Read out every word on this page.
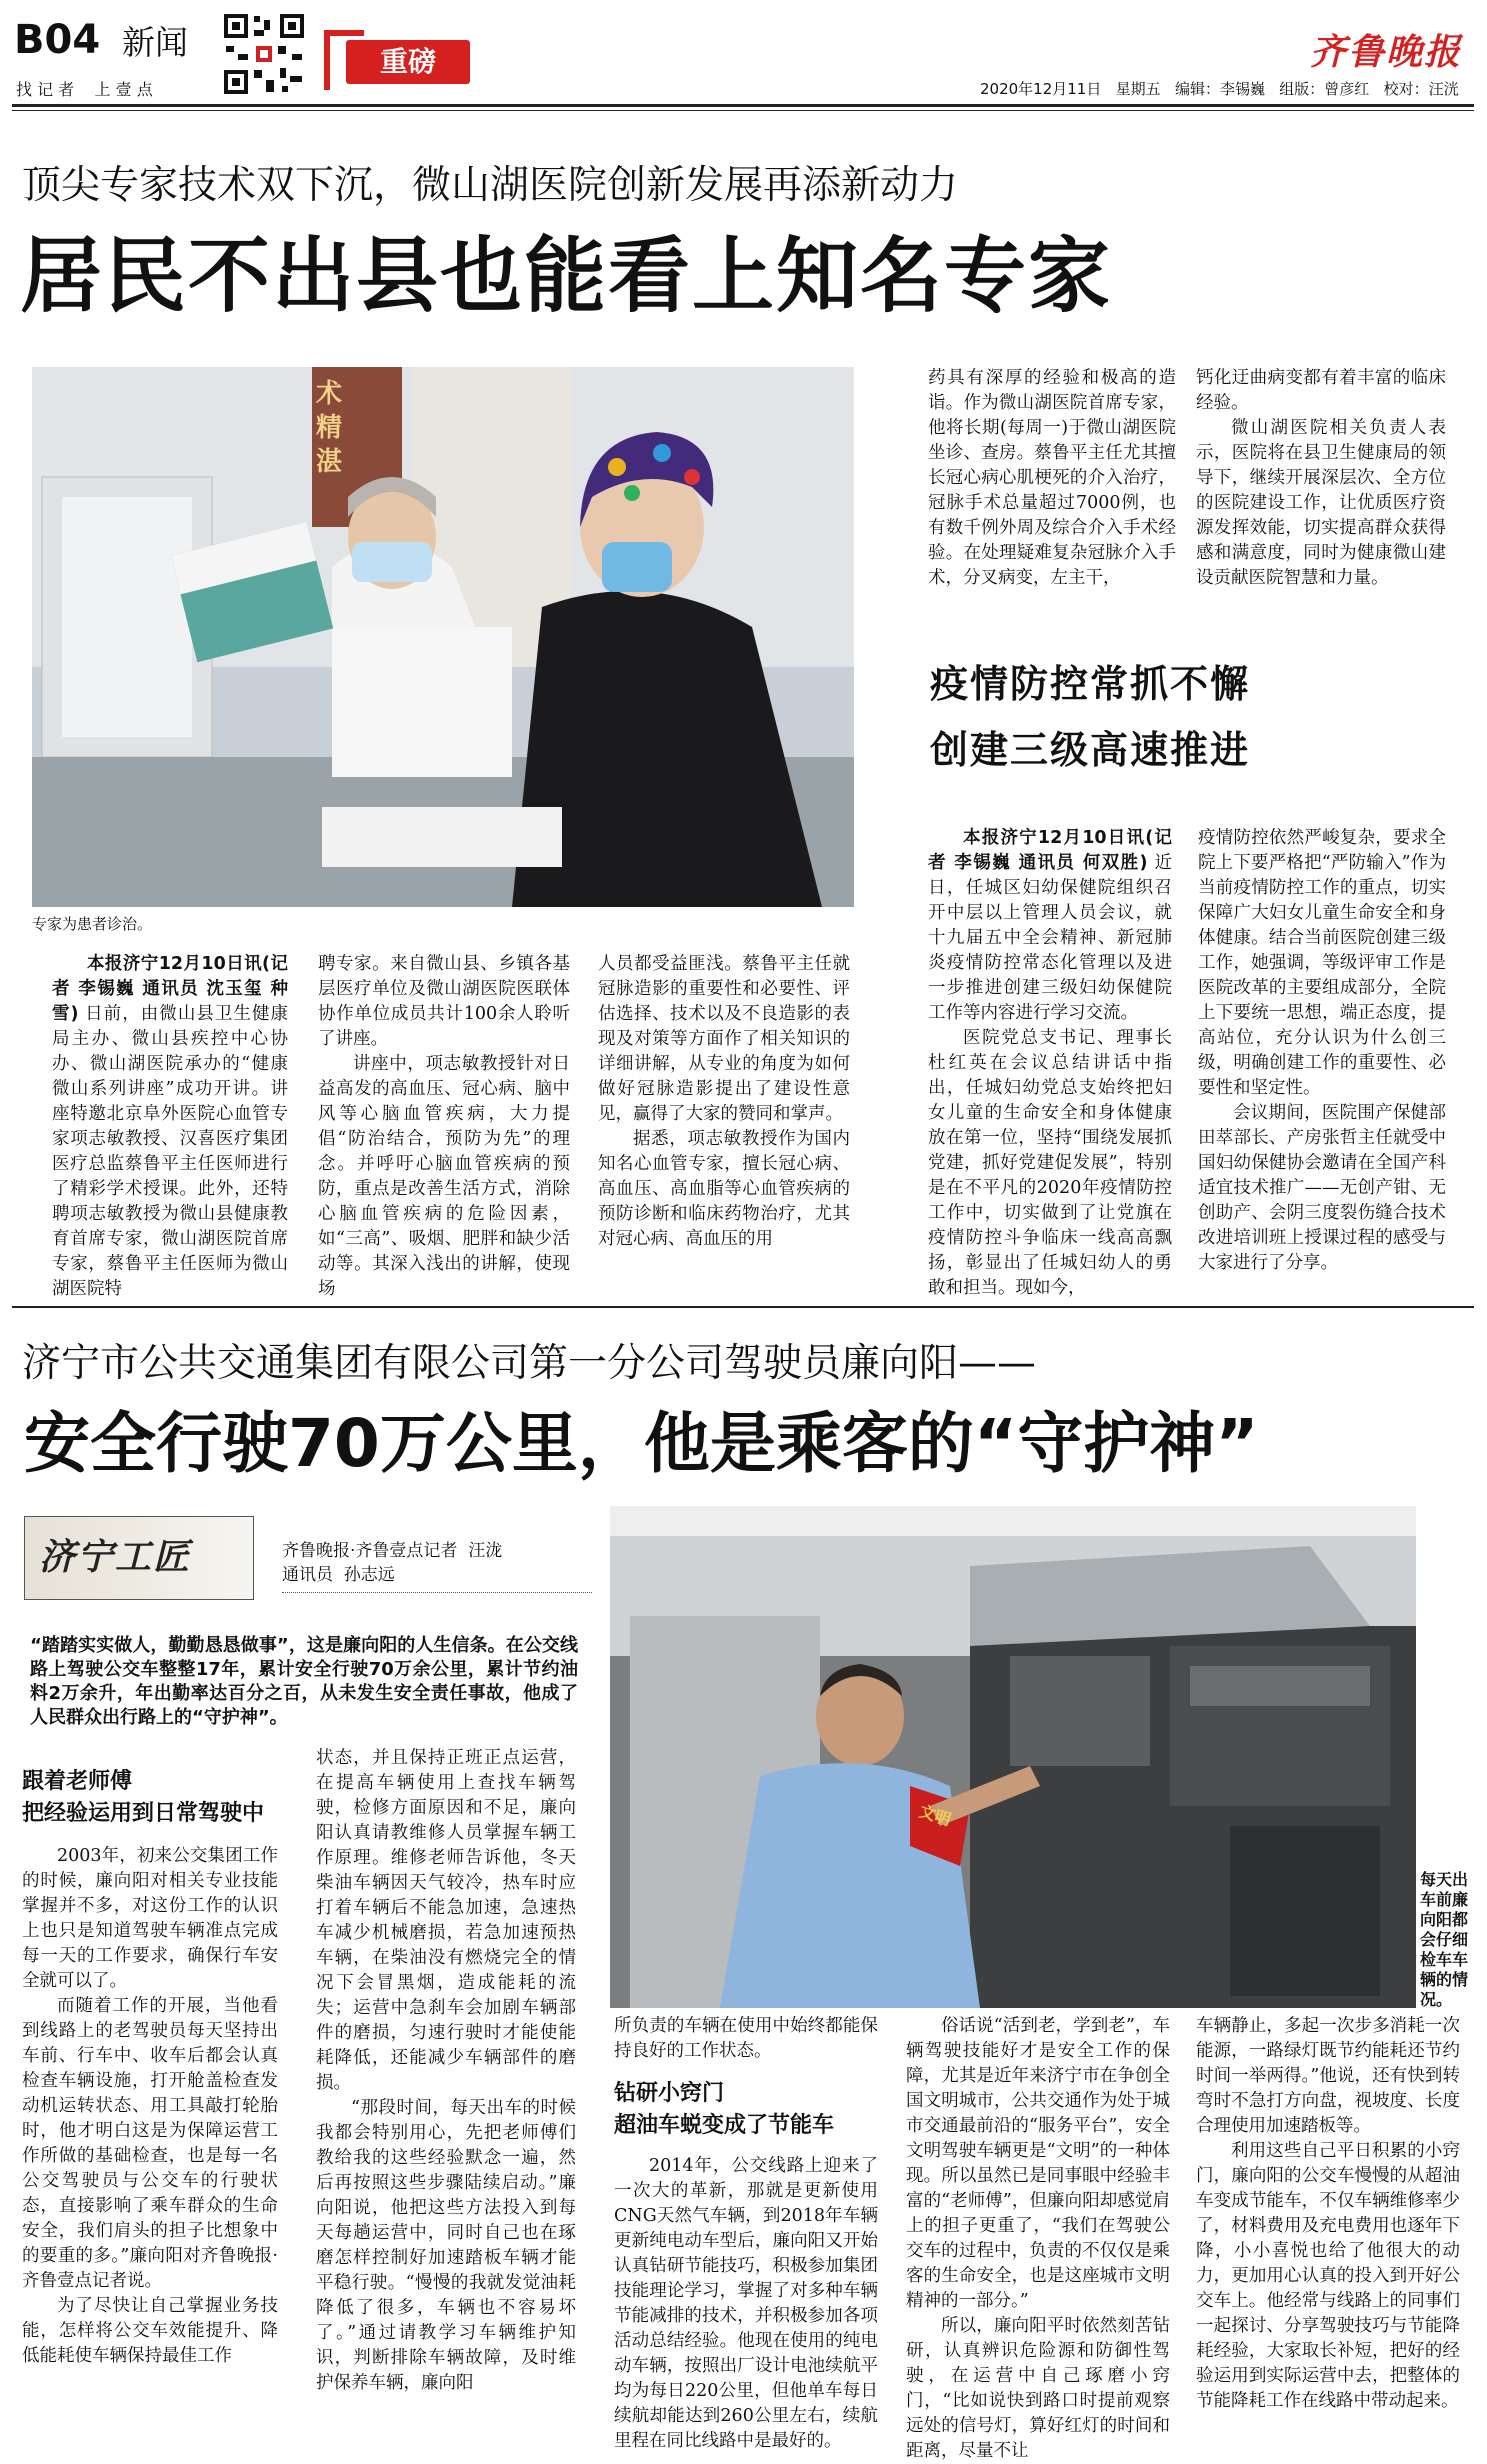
B04 新闻
找 记 者    上 壹 点
重磅	齐鲁晚报
2020年12月11日   星期五   编辑：李锡巍   组版：曾彦红   校对：汪洸
顶尖专家技术双下沉，微山湖医院创新发展再添新动力
居民不出县也能看上知名专家
术精湛
专家为患者诊治。

本报济宁12月10日讯(记者 李锡巍 通讯员 沈玉玺 种雪) 日前，由微山县卫生健康局主办、微山县疾控中心协办、微山湖医院承办的“健康微山系列讲座”成功开讲。讲座特邀北京阜外医院心血管专家项志敏教授、汉喜医疗集团医疗总监蔡鲁平主任医师进行了精彩学术授课。此外，还特聘项志敏教授为微山县健康教育首席专家，微山湖医院首席专家，蔡鲁平主任医师为微山湖医院特

聘专家。来自微山县、乡镇各基层医疗单位及微山湖医院医联体协作单位成员共计100余人聆听了讲座。

讲座中，项志敏教授针对日益高发的高血压、冠心病、脑中风等心脑血管疾病，大力提倡“防治结合，预防为先”的理念。并呼吁心脑血管疾病的预防，重点是改善生活方式，消除心脑血管疾病的危险因素，如“三高”、吸烟、肥胖和缺少活动等。其深入浅出的讲解，使现场

人员都受益匪浅。蔡鲁平主任就冠脉造影的重要性和必要性、评估选择、技术以及不良造影的表现及对策等方面作了相关知识的详细讲解，从专业的角度为如何做好冠脉造影提出了建设性意见，赢得了大家的赞同和掌声。

据悉，项志敏教授作为国内知名心血管专家，擅长冠心病、高血压、高血脂等心血管疾病的预防诊断和临床药物治疗，尤其对冠心病、高血压的用

药具有深厚的经验和极高的造诣。作为微山湖医院首席专家，他将长期(每周一)于微山湖医院坐诊、查房。蔡鲁平主任尤其擅长冠心病心肌梗死的介入治疗，冠脉手术总量超过7000例，也有数千例外周及综合介入手术经验。在处理疑难复杂冠脉介入手术，分叉病变，左主干，

钙化迂曲病变都有着丰富的临床经验。

微山湖医院相关负责人表示，医院将在县卫生健康局的领导下，继续开展深层次、全方位的医院建设工作，让优质医疗资源发挥效能，切实提高群众获得感和满意度，同时为健康微山建设贡献医院智慧和力量。

疫情防控常抓不懈
创建三级高速推进

本报济宁12月10日讯(记者 李锡巍 通讯员 何双胜) 近日，任城区妇幼保健院组织召开中层以上管理人员会议，就十九届五中全会精神、新冠肺炎疫情防控常态化管理以及进一步推进创建三级妇幼保健院工作等内容进行学习交流。

医院党总支书记、理事长杜红英在会议总结讲话中指出，任城妇幼党总支始终把妇女儿童的生命安全和身体健康放在第一位，坚持“围绕发展抓党建，抓好党建促发展”，特别是在不平凡的2020年疫情防控工作中，切实做到了让党旗在疫情防控斗争临床一线高高飘扬，彰显出了任城妇幼人的勇敢和担当。现如今，

疫情防控依然严峻复杂，要求全院上下要严格把“严防输入”作为当前疫情防控工作的重点，切实保障广大妇女儿童生命安全和身体健康。结合当前医院创建三级工作，她强调，等级评审工作是医院改革的主要组成部分，全院上下要统一思想，端正态度，提高站位，充分认识为什么创三级，明确创建工作的重要性、必要性和坚定性。

会议期间，医院围产保健部田萃部长、产房张哲主任就受中国妇幼保健协会邀请在全国产科适宜技术推广——无创产钳、无创助产、会阴三度裂伤缝合技术改进培训班上授课过程的感受与大家进行了分享。

济宁市公共交通集团有限公司第一分公司驾驶员廉向阳——
安全行驶70万公里，他是乘客的“守护神”
济宁工匠	齐鲁晚报·齐鲁壹点记者  汪泷
通讯员  孙志远
“踏踏实实做人，勤勤恳恳做事”，这是廉向阳的人生信条。在公交线路上驾驶公交车整整17年，累计安全行驶70万余公里，累计节约油料2万余升，年出勤率达百分之百，从未发生安全责任事故，他成了人民群众出行路上的“守护神”。
文明
每天出车前廉向阳都会仔细检车车辆的情况。

跟着老师傅

把经验运用到日常驾驶中

2003年，初来公交集团工作的时候，廉向阳对相关专业技能掌握并不多，对这份工作的认识上也只是知道驾驶车辆准点完成每一天的工作要求，确保行车安全就可以了。

而随着工作的开展，当他看到线路上的老驾驶员每天坚持出车前、行车中、收车后都会认真检查车辆设施，打开舱盖检查发动机运转状态、用工具敲打轮胎时，他才明白这是为保障运营工作所做的基础检查，也是每一名公交驾驶员与公交车的行驶状态，直接影响了乘车群众的生命安全，我们肩头的担子比想象中的要重的多。”廉向阳对齐鲁晚报·齐鲁壹点记者说。

为了尽快让自己掌握业务技能，怎样将公交车效能提升、降低能耗使车辆保持最佳工作

状态，并且保持正班正点运营，在提高车辆使用上查找车辆驾驶，检修方面原因和不足，廉向阳认真请教维修人员掌握车辆工作原理。维修老师告诉他，冬天柴油车辆因天气较冷，热车时应打着车辆后不能急加速，急速热车减少机械磨损，若急加速预热车辆，在柴油没有燃烧完全的情况下会冒黑烟，造成能耗的流失；运营中急刹车会加剧车辆部件的磨损，匀速行驶时才能使能耗降低，还能减少车辆部件的磨损。

“那段时间，每天出车的时候我都会特别用心，先把老师傅们教给我的这些经验默念一遍，然后再按照这些步骤陆续启动。”廉向阳说，他把这些方法投入到每天每趟运营中，同时自己也在琢磨怎样控制好加速踏板车辆才能平稳行驶。“慢慢的我就发觉油耗降低了很多，车辆也不容易坏了。”通过请教学习车辆维护知识，判断排除车辆故障，及时维护保养车辆，廉向阳

所负责的车辆在使用中始终都能保持良好的工作状态。

钻研小窍门

超油车蜕变成了节能车

2014年，公交线路上迎来了一次大的革新，那就是更新使用CNG天然气车辆，到2018年车辆更新纯电动车型后，廉向阳又开始认真钻研节能技巧，积极参加集团技能理论学习，掌握了对多种车辆节能减排的技术，并积极参加各项活动总结经验。他现在使用的纯电动车辆，按照出厂设计电池续航平均为每日220公里，但他单车每日续航却能达到260公里左右，续航里程在同比线路中是最好的。

俗话说“活到老，学到老”，车辆驾驶技能好才是安全工作的保障，尤其是近年来济宁市在争创全国文明城市，公共交通作为处于城市交通最前沿的“服务平台”，安全文明驾驶车辆更是“文明”的一种体现。所以虽然已是同事眼中经验丰富的“老师傅”，但廉向阳却感觉肩上的担子更重了，“我们在驾驶公交车的过程中，负责的不仅仅是乘客的生命安全，也是这座城市文明精神的一部分。”

所以，廉向阳平时依然刻苦钻研，认真辨识危险源和防御性驾驶，在运营中自己琢磨小窍门，“比如说快到路口时提前观察远处的信号灯，算好红灯的时间和距离，尽量不让

车辆静止，多起一次步多消耗一次能源，一路绿灯既节约能耗还节约时间一举两得。”他说，还有快到转弯时不急打方向盘，视坡度、长度合理使用加速踏板等。

利用这些自己平日积累的小窍门，廉向阳的公交车慢慢的从超油车变成节能车，不仅车辆维修率少了，材料费用及充电费用也逐年下降，小小喜悦也给了他很大的动力，更加用心认真的投入到开好公交车上。他经常与线路上的同事们一起探讨、分享驾驶技巧与节能降耗经验，大家取长补短，把好的经验运用到实际运营中去，把整体的节能降耗工作在线路中带动起来。
